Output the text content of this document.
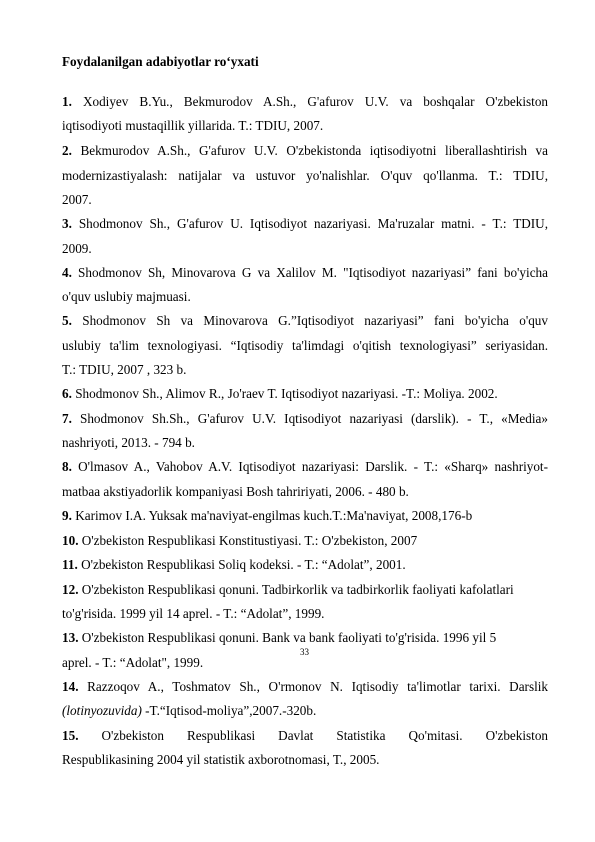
Foydalanilgan adabiyotlar ro‘yxati
1. Xodiyev B.Yu., Bekmurodov A.Sh., G'afurov U.V. va boshqalar O'zbekiston
iqtisodiyoti mustaqillik yillarida. T.: TDIU, 2007.
2. Bekmurodov A.Sh., G'afurov U.V. O'zbekistonda iqtisodiyotni liberallashtirish va
modernizastiyalash: natijalar va ustuvor yo'nalishlar. O'quv qo'llanma. T.: TDIU,
2007.
3. Shodmonov Sh., G'afurov U. Iqtisodiyot nazariyasi. Ma'ruzalar matni. - T.: TDIU,
2009.
4. Shodmonov Sh, Minovarova G va Xalilov M. "Iqtisodiyot nazariyasi” fani bo'yicha
o'quv uslubiy majmuasi.
5. Shodmonov Sh va Minovarova G.”Iqtisodiyot nazariyasi” fani bo'yicha o'quv
uslubiy ta'lim texnologiyasi. “Iqtisodiy ta'limdagi o'qitish texnologiyasi” seriyasidan.
T.: TDIU, 2007 , 323 b.
6. Shodmonov Sh., Alimov R., Jo'raev T. Iqtisodiyot nazariyasi. -T.: Moliya. 2002.
7. Shodmonov Sh.Sh., G'afurov U.V. Iqtisodiyot nazariyasi (darslik). - T., «Media»
nashriyoti, 2013. - 794 b.
8. O'lmasov A., Vahobov A.V. Iqtisodiyot nazariyasi: Darslik. - T.: «Sharq» nashriyot-
matbaa akstiyadorlik kompaniyasi Bosh tahririyati, 2006. - 480 b.
9. Karimov I.A. Yuksak ma'naviyat-engilmas kuch.T.:Ma'naviyat, 2008,176-b
10. O'zbekiston Respublikasi Konstitustiyasi. T.: O'zbekiston, 2007
11. O'zbekiston Respublikasi Soliq kodeksi. - T.: “Adolat”, 2001.
12. O'zbekiston Respublikasi qonuni. Tadbirkorlik va tadbirkorlik faoliyati kafolatlari
to'g'risida. 1999 yil 14 aprel. - T.: “Adolat”, 1999.
13. O'zbekiston Respublikasi qonuni. Bank va bank faoliyati to'g'risida. 1996 yil 5
aprel. - T.: “Adolat", 1999.
33
14. Razzoqov A., Toshmatov Sh., O'rmonov N. Iqtisodiy ta'limotlar tarixi. Darslik
(lotinyozuvida) -T.“Iqtisod-moliya”,2007.-320b.
15. O'zbekiston Respublikasi Davlat Statistika Qo'mitasi. O'zbekiston
Respublikasining 2004 yil statistik axborotnomasi, T., 2005.
